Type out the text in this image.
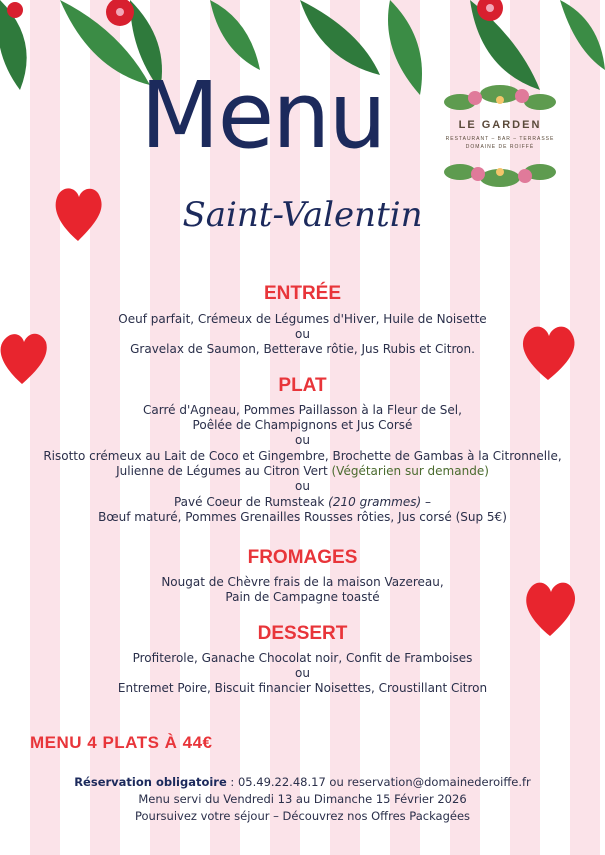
Menu
Saint-Valentin
LE GARDEN
RESTAURANT – BAR – TERRASSE
DOMAINE DE ROIFFÉ
ENTRÉE
Oeuf parfait, Crémeux de Légumes d'Hiver, Huile de Noisette
ou
Gravelax de Saumon, Betterave rôtie, Jus Rubis et Citron.
PLAT
Carré d'Agneau, Pommes Paillasson à la Fleur de Sel,
Poêlée de Champignons et Jus Corsé
ou
Risotto crémeux au Lait de Coco et Gingembre, Brochette de Gambas à la Citronnelle,
Julienne de Légumes au Citron Vert (Végétarien sur demande)
ou
Pavé Coeur de Rumsteak (210 grammes) –
Bœuf maturé, Pommes Grenailles Rousses rôties, Jus corsé (Sup 5€)
FROMAGES
Nougat de Chèvre frais de la maison Vazereau,
Pain de Campagne toasté
DESSERT
Profiterole, Ganache Chocolat noir, Confit de Framboises
ou
Entremet Poire, Biscuit financier Noisettes, Croustillant Citron
MENU 4 PLATS À 44€
Réservation obligatoire : 05.49.22.48.17 ou reservation@domainederoiffe.fr
Menu servi du Vendredi 13 au Dimanche 15 Février 2026
Poursuivez votre séjour – Découvrez nos Offres Packagées
